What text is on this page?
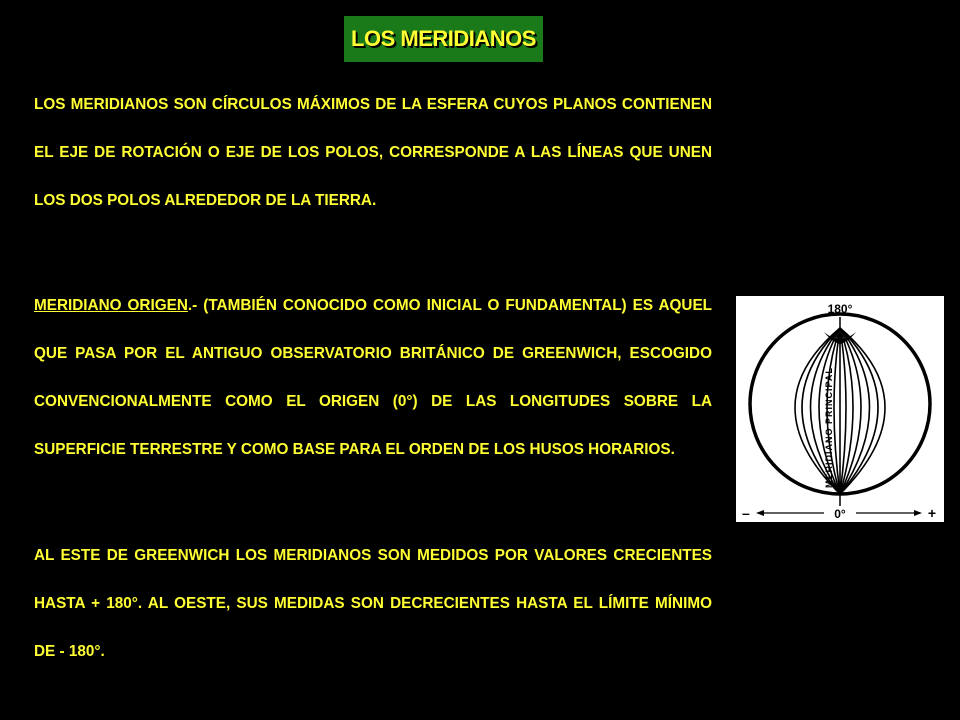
LOS MERIDIANOS

LOS MERIDIANOS SON CÍRCULOS MÁXIMOS DE LA ESFERA CUYOS PLANOS CONTIENEN EL EJE DE ROTACIÓN O EJE DE LOS POLOS, CORRESPONDE A LAS LÍNEAS QUE UNEN LOS DOS POLOS ALREDEDOR DE LA TIERRA.

MERIDIANO ORIGEN.- (TAMBIÉN CONOCIDO COMO INICIAL O FUNDAMENTAL) ES AQUEL QUE PASA POR EL ANTIGUO OBSERVATORIO BRITÁNICO DE GREENWICH, ESCOGIDO CONVENCIONALMENTE COMO EL ORIGEN (0°) DE LAS LONGITUDES SOBRE LA SUPERFICIE TERRESTRE Y COMO BASE PARA EL ORDEN DE LOS HUSOS HORARIOS.

AL ESTE DE GREENWICH LOS MERIDIANOS SON MEDIDOS POR VALORES CRECIENTES HASTA + 180°. AL OESTE, SUS MEDIDAS SON DECRECIENTES HASTA EL LÍMITE MÍNIMO DE - 180°.

180°
MERIDIANO PRINCIPAL
–	0°	+
